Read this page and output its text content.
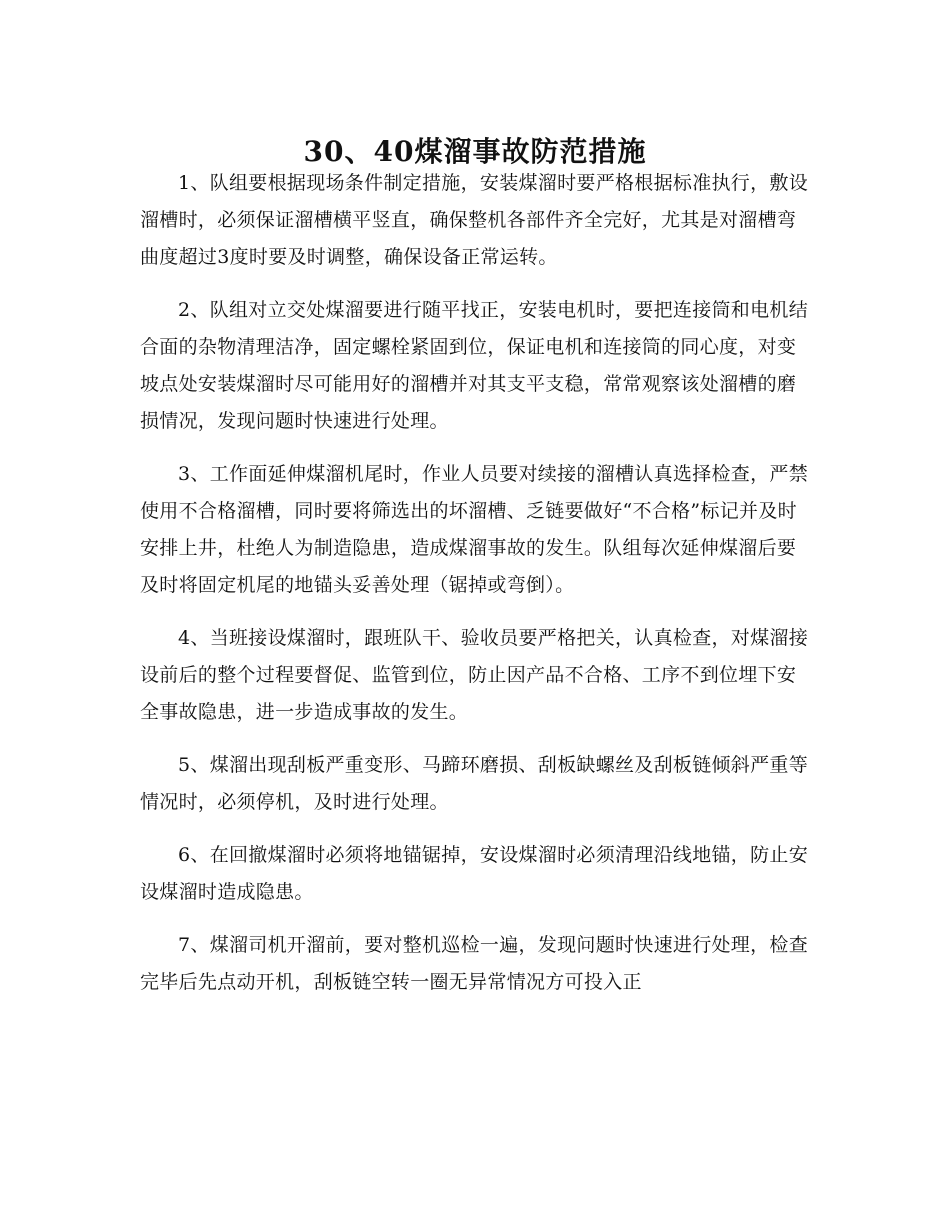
30、40煤溜事故防范措施

1、队组要根据现场条件制定措施，安装煤溜时要严格根据标准执行，敷设溜槽时，必须保证溜槽横平竖直，确保整机各部件齐全完好，尤其是对溜槽弯曲度超过3度时要及时调整，确保设备正常运转。

2、队组对立交处煤溜要进行随平找正，安装电机时，要把连接筒和电机结合面的杂物清理洁净，固定螺栓紧固到位，保证电机和连接筒的同心度，对变坡点处安装煤溜时尽可能用好的溜槽并对其支平支稳，常常观察该处溜槽的磨损情况，发现问题时快速进行处理。

3、工作面延伸煤溜机尾时，作业人员要对续接的溜槽认真选择检查，严禁使用不合格溜槽，同时要将筛选出的坏溜槽、乏链要做好“不合格”标记并及时安排上井，杜绝人为制造隐患，造成煤溜事故的发生。队组每次延伸煤溜后要及时将固定机尾的地锚头妥善处理（锯掉或弯倒）。

4、当班接设煤溜时，跟班队干、验收员要严格把关，认真检查，对煤溜接设前后的整个过程要督促、监管到位，防止因产品不合格、工序不到位埋下安全事故隐患，进一步造成事故的发生。

5、煤溜出现刮板严重变形、马蹄环磨损、刮板缺螺丝及刮板链倾斜严重等情况时，必须停机，及时进行处理。

6、在回撤煤溜时必须将地锚锯掉，安设煤溜时必须清理沿线地锚，防止安设煤溜时造成隐患。

7、煤溜司机开溜前，要对整机巡检一遍，发现问题时快速进行处理，检查完毕后先点动开机，刮板链空转一圈无异常情况方可投入正
